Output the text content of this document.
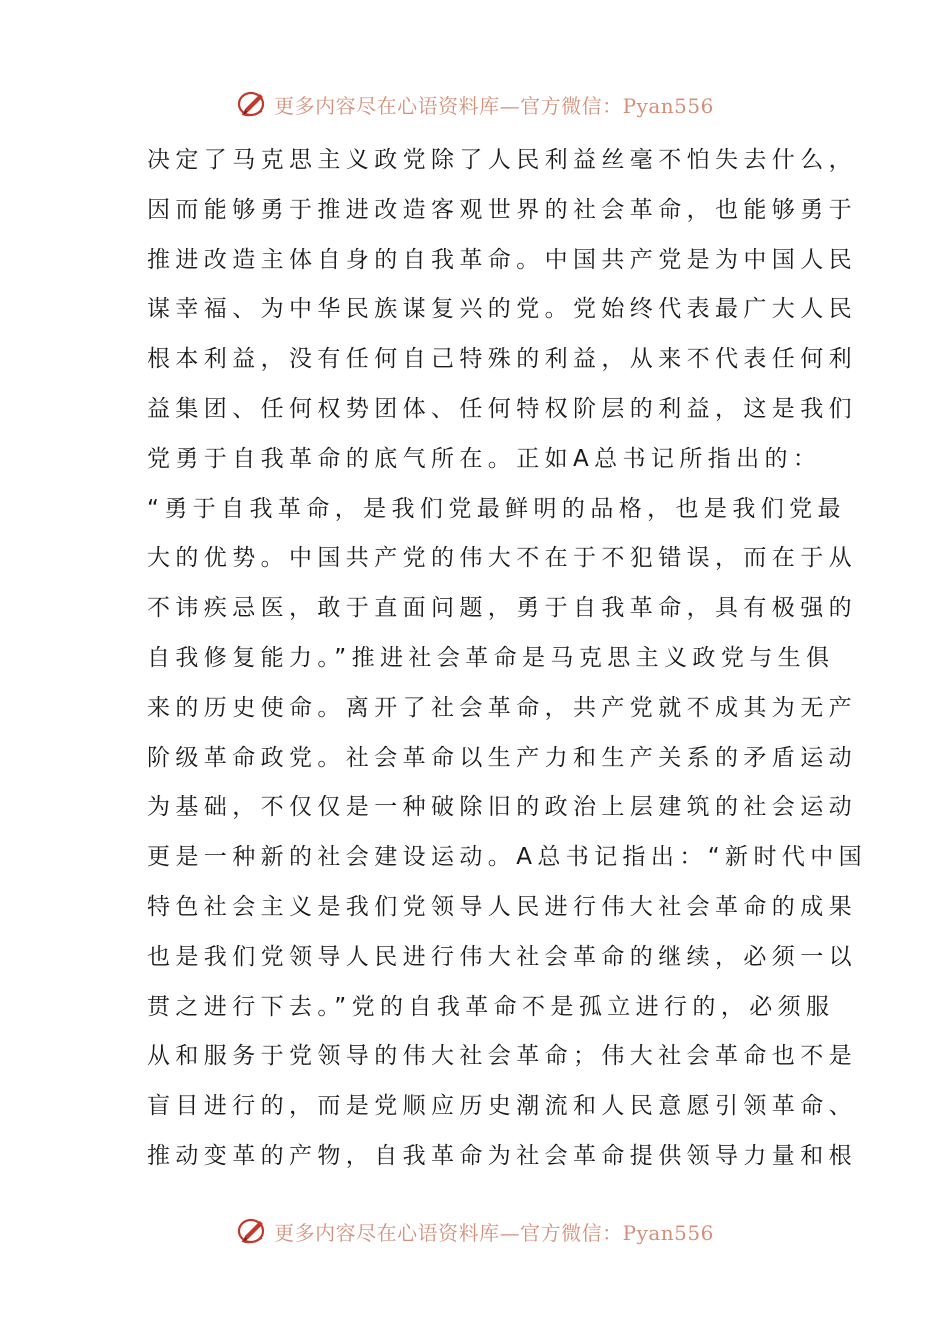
更多内容尽在心语资料库—官方微信：Pyan556
决定了马克思主义政党除了人民利益丝毫不怕失去什么，
因而能够勇于推进改造客观世界的社会革命，也能够勇于
推进改造主体自身的自我革命。中国共产党是为中国人民
谋幸福、为中华民族谋复兴的党。党始终代表最广大人民
根本利益，没有任何自己特殊的利益，从来不代表任何利
益集团、任何权势团体、任何特权阶层的利益，这是我们
党勇于自我革命的底气所在。正如A总书记所指出的：
“勇于自我革命，是我们党最鲜明的品格，也是我们党最
大的优势。中国共产党的伟大不在于不犯错误，而在于从
不讳疾忌医，敢于直面问题，勇于自我革命，具有极强的
自我修复能力。”推进社会革命是马克思主义政党与生俱
来的历史使命。离开了社会革命，共产党就不成其为无产
阶级革命政党。社会革命以生产力和生产关系的矛盾运动
为基础，不仅仅是一种破除旧的政治上层建筑的社会运动
更是一种新的社会建设运动。A总书记指出：“新时代中国
特色社会主义是我们党领导人民进行伟大社会革命的成果
也是我们党领导人民进行伟大社会革命的继续，必须一以
贯之进行下去。”党的自我革命不是孤立进行的，必须服
从和服务于党领导的伟大社会革命；伟大社会革命也不是
盲目进行的，而是党顺应历史潮流和人民意愿引领革命、
推动变革的产物，自我革命为社会革命提供领导力量和根
更多内容尽在心语资料库—官方微信：Pyan556
